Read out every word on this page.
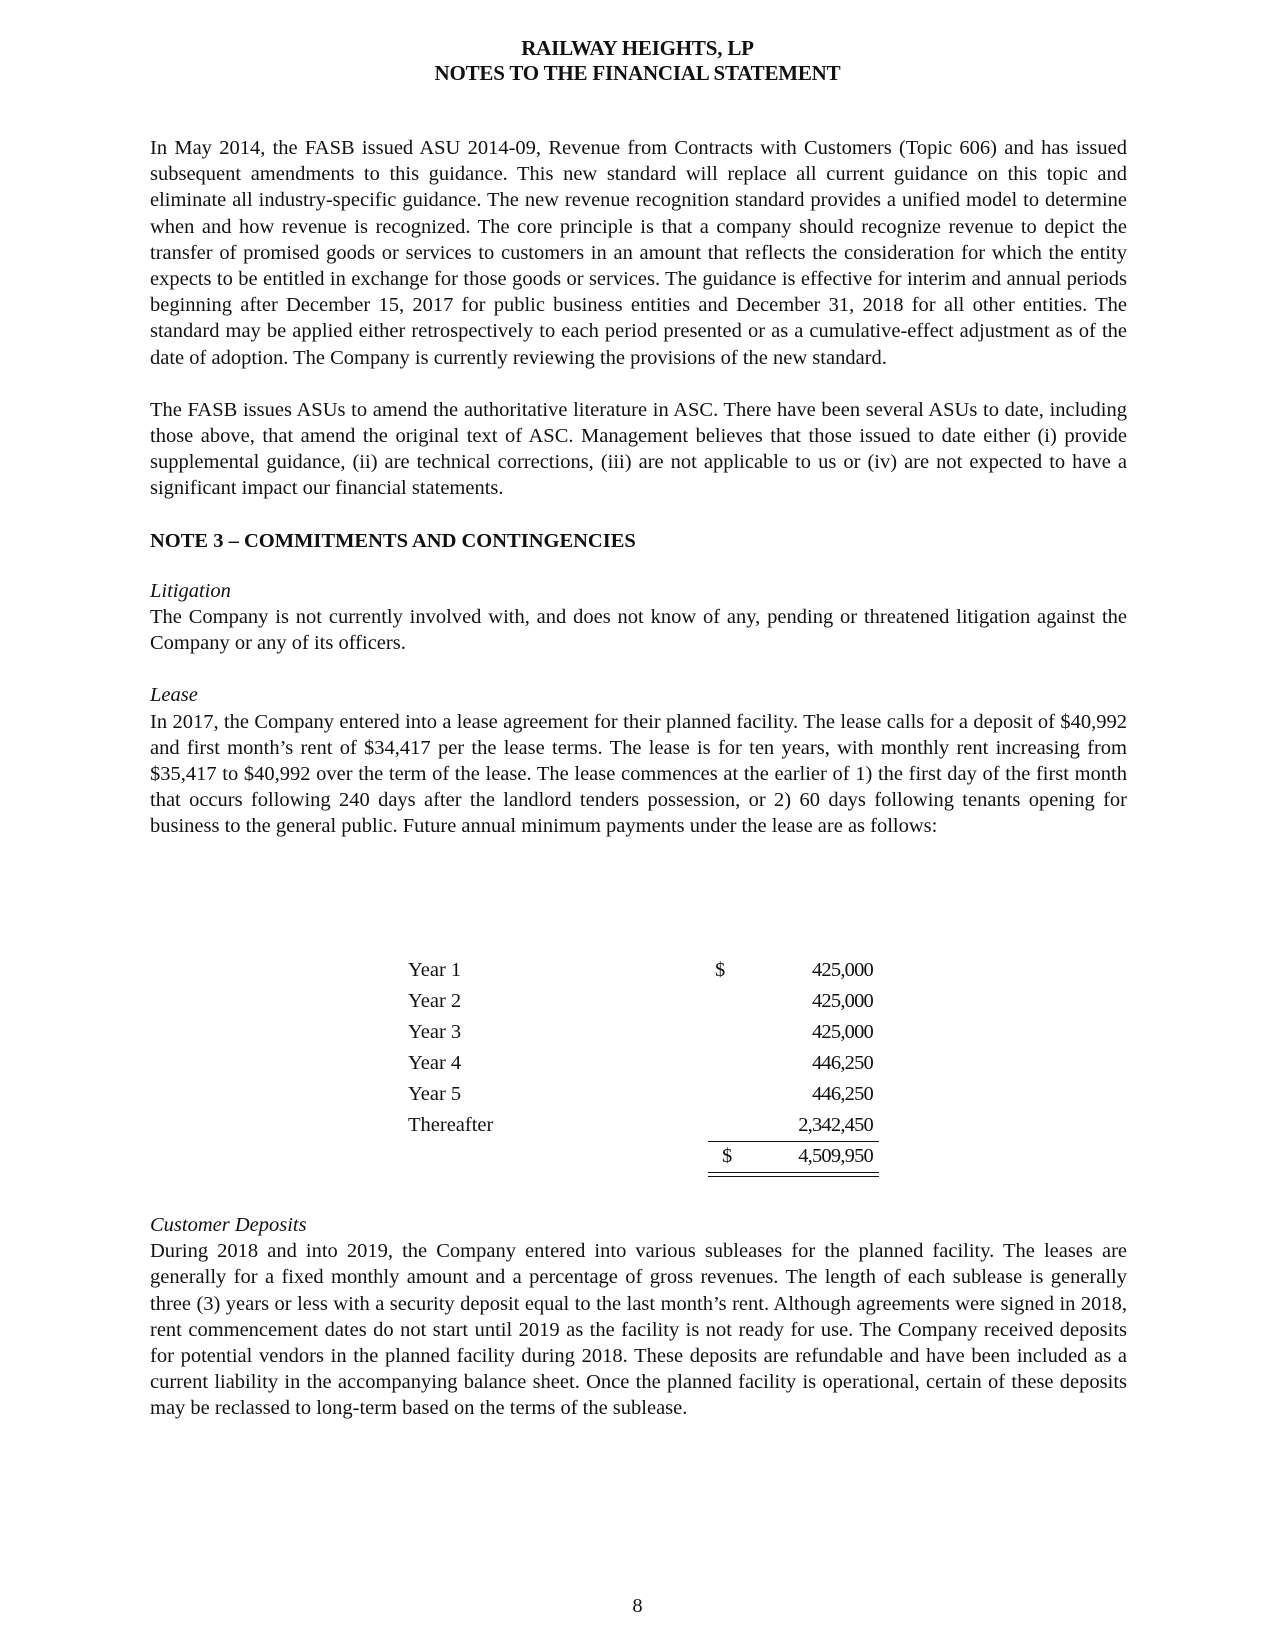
RAILWAY HEIGHTS, LP
NOTES TO THE FINANCIAL STATEMENT

In May 2014, the FASB issued ASU 2014-09, Revenue from Contracts with Customers (Topic 606) and has issued subsequent amendments to this guidance. This new standard will replace all current guidance on this topic and eliminate all industry-specific guidance. The new revenue recognition standard provides a unified model to determine when and how revenue is recognized. The core principle is that a company should recognize revenue to depict the transfer of promised goods or services to customers in an amount that reflects the consideration for which the entity expects to be entitled in exchange for those goods or services. The guidance is effective for interim and annual periods beginning after December 15, 2017 for public business entities and December 31, 2018 for all other entities. The standard may be applied either retrospectively to each period presented or as a cumulative-effect adjustment as of the date of adoption. The Company is currently reviewing the provisions of the new standard.

The FASB issues ASUs to amend the authoritative literature in ASC. There have been several ASUs to date, including those above, that amend the original text of ASC. Management believes that those issued to date either (i) provide supplemental guidance, (ii) are technical corrections, (iii) are not applicable to us or (iv) are not expected to have a significant impact our financial statements.

NOTE 3 – COMMITMENTS AND CONTINGENCIES

Litigation

The Company is not currently involved with, and does not know of any, pending or threatened litigation against the Company or any of its officers.

Lease

In 2017, the Company entered into a lease agreement for their planned facility. The lease calls for a deposit of $40,992 and first month’s rent of $34,417 per the lease terms. The lease is for ten years, with monthly rent increasing from $35,417 to $40,992 over the term of the lease. The lease commences at the earlier of 1) the first day of the first month that occurs following 240 days after the landlord tenders possession, or 2) 60 days following tenants opening for business to the general public. Future annual minimum payments under the lease are as follows:

Year 1	$	425,000
Year 2	425,000
Year 3	425,000
Year 4	446,250
Year 5	446,250
Thereafter	2,342,450
$	4,509,950

Customer Deposits

During 2018 and into 2019, the Company entered into various subleases for the planned facility. The leases are generally for a fixed monthly amount and a percentage of gross revenues. The length of each sublease is generally three (3) years or less with a security deposit equal to the last month’s rent. Although agreements were signed in 2018, rent commencement dates do not start until 2019 as the facility is not ready for use. The Company received deposits for potential vendors in the planned facility during 2018. These deposits are refundable and have been included as a current liability in the accompanying balance sheet. Once the planned facility is operational, certain of these deposits may be reclassed to long-term based on the terms of the sublease.

8
